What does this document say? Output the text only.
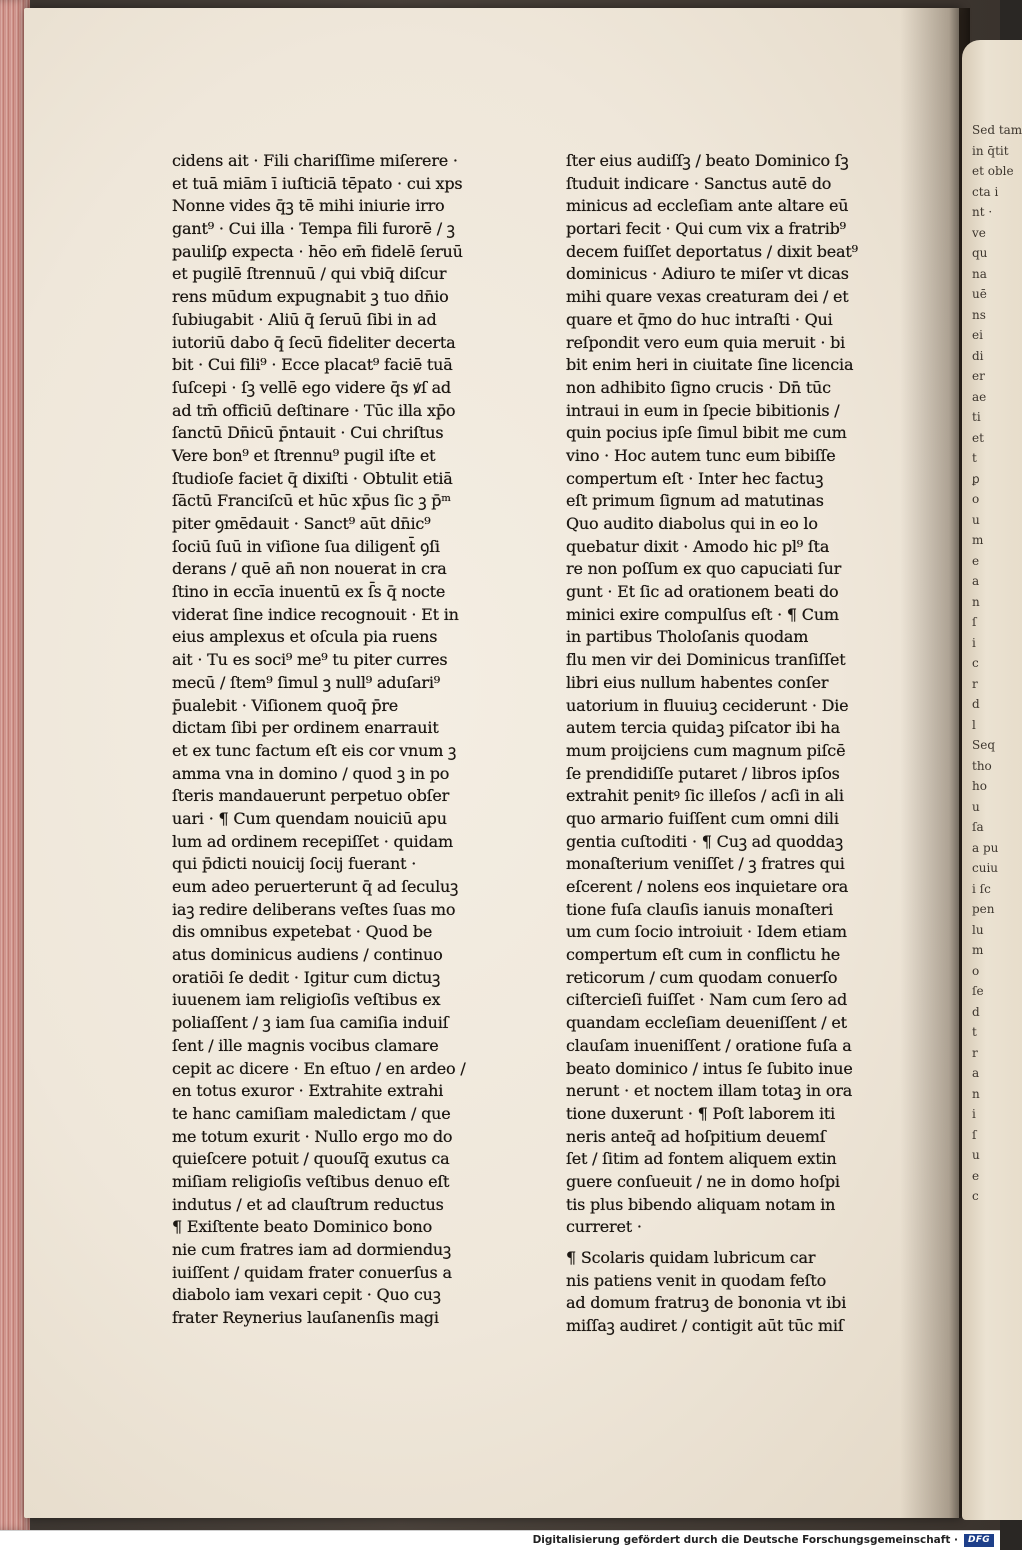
cidens ait · Fili chariſſime miſerere ·
et tuā miām ī iuſticiā tēpato · cui xps
Nonne vides q̄ꝫ tē mihi iniurie irro
gant⁹ · Cui illa · Tempa fili furorē / ꝫ
pauliſꝑ expecta · hēo em̄ fidelē ſeruū
et pugilē ſtrennuū / qui vbiq̄ diſcur
rens mūdum expugnabit ꝫ tuo dn̄io
ſubiugabit · Aliū q̄ ſeruū ſibi in ad
iutoriū dabo q̄ ſecū fideliter decerta
bit · Cui fili⁹ · Ecce placat⁹ faciē tuā
ſuſcepi · ſꝫ vellē ego videre q̄s ꝟſ ad
ad tm̄ officiū deſtinare · Tūc illa xp̄o
ſanctū Dn̄icū p̄ntauit · Cui chriſtus
Vere bon⁹ et ſtrennu⁹ pugil iſte et
ſtudioſe faciet q̄ dixiſti · Obtulit etiā
ſāctū Franciſcū et hūc xp̄us ſic ꝫ p̄ᵐ
piter ꝯmēdauit · Sanct⁹ aūt dn̄ic⁹
ſociū ſuū in viſione ſua diligent̄ ꝯſi
derans / quē an̄ non nouerat in cra
ſtino in eccīa inuentū ex ſ̄s q̄ nocte
viderat ſine indice recognouit · Et in
eius amplexus et oſcula pia ruens
ait · Tu es soci⁹ me⁹ tu piter curres
mecū / ſtem⁹ ſimul ꝫ null⁹ aduſari⁹
p̄ualebit · Viſionem quoq̄ p̄re
dictam ſibi per ordinem enarrauit
et ex tunc factum eſt eis cor vnum ꝫ
amma vna in domino / quod ꝫ in po
ſteris mandauerunt perpetuo obſer
uari · ¶ Cum quendam nouiciū apu
lum ad ordinem recepiſſet · quidam
qui p̄dicti nouicij ſocij fuerant ·
eum adeo peruerterunt q̄ ad ſeculuꝫ
iaꝫ redire deliberans veſtes ſuas mo
dis omnibus expetebat · Quod be
atus dominicus audiens / continuo
oratiōi ſe dedit · Igitur cum dictuꝫ
iuuenem iam religioſis veſtibus ex
poliaſſent / ꝫ iam ſua camiſia induiſ
ſent / ille magnis vocibus clamare
cepit ac dicere · En eſtuo / en ardeo /
en totus exuror · Extrahite extrahi
te hanc camiſiam maledictam / que
me totum exurit · Nullo ergo mo do
quieſcere potuit / quouſq̄ exutus ca
miſiam religioſis veſtibus denuo eſt
indutus / et ad clauſtrum reductus
¶ Exiſtente beato Dominico bono
nie cum fratres iam ad dormienduꝫ
iuiſſent / quidam frater conuerſus a
diabolo iam vexari cepit · Quo cuꝫ
frater Reynerius lauſanenſis magi
ſter eius audiſſꝫ / beato Dominico ſꝫ
ſtuduit indicare · Sanctus autē do
minicus ad eccleſiam ante altare eū
portari fecit · Qui cum vix a fratrib⁹
decem fuiſſet deportatus / dixit beat⁹
dominicus · Adiuro te miſer vt dicas
mihi quare vexas creaturam dei / et
quare et q̄mo do huc intraſti · Qui
reſpondit vero eum quia meruit · bi
bit enim heri in ciuitate ſine licencia
non adhibito ſigno crucis · Dn̄ tūc
intraui in eum in ſpecie bibitionis /
quin pocius ipſe ſimul bibit me cum
vino · Hoc autem tunc eum bibiſſe
compertum eſt · Inter hec factuꝫ
eſt primum ſignum ad matutinas
Quo audito diabolus qui in eo lo
quebatur dixit · Amodo hic pl⁹ ſta
re non poſſum ex quo capuciati ſur
gunt · Et ſic ad orationem beati do
minici exire compulſus eſt · ¶ Cum
in partibus Tholoſanis quodam
flu men vir dei Dominicus tranſiſſet
libri eius nullum habentes conſer
uatorium in fluuiuꝫ ceciderunt · Die
autem tercia quidaꝫ piſcator ibi ha
mum proijciens cum magnum piſcē
ſe prendidiſſe putaret / libros ipſos
extrahit penitꝰ ſic illeſos / acſi in ali
quo armario fuiſſent cum omni dili
gentia cuſtoditi · ¶ Cuꝫ ad quoddaꝫ
monaſterium veniſſet / ꝫ fratres qui
eſcerent / nolens eos inquietare ora
tione fuſa clauſis ianuis monaſteri
um cum ſocio introiuit · Idem etiam
compertum eſt cum in conflictu he
reticorum / cum quodam conuerſo
ciſtercieſi fuiſſet · Nam cum ſero ad
quandam eccleſiam deueniſſent / et
clauſam inueniſſent / oratione fuſa a
beato dominico / intus ſe ſubito inue
nerunt · et noctem illam totaꝫ in ora
tione duxerunt · ¶ Poſt laborem iti
neris anteq̄ ad hoſpitium deuemſ
ſet / ſitim ad fontem aliquem extin
guere conſueuit / ne in domo hoſpi
tis plus bibendo aliquam notam in
curreret ·
¶ Scolaris quidam lubricum car
nis patiens venit in quodam feſto
ad domum fratruꝫ de bononia vt ibi
miſſaꝫ audiret / contigit aūt tūc miſ
Sed tam
in q̄tit
et oble
cta i
nt ·
ve
qu
na
uē
ns
ei
di
er
ae
ti
et
t
ꝑ
o
u
m
e
a
n
ſ
i
c
r
d
l
Seq
tho
ho
u
ſa
a pu
cuiu
i ſc
pen
lu
m
o
ſe
d
t
r
a
n
i
ſ
u
e
c
Digitalisierung gefördert durch die Deutsche Forschungsgemeinschaft ·	DFG
